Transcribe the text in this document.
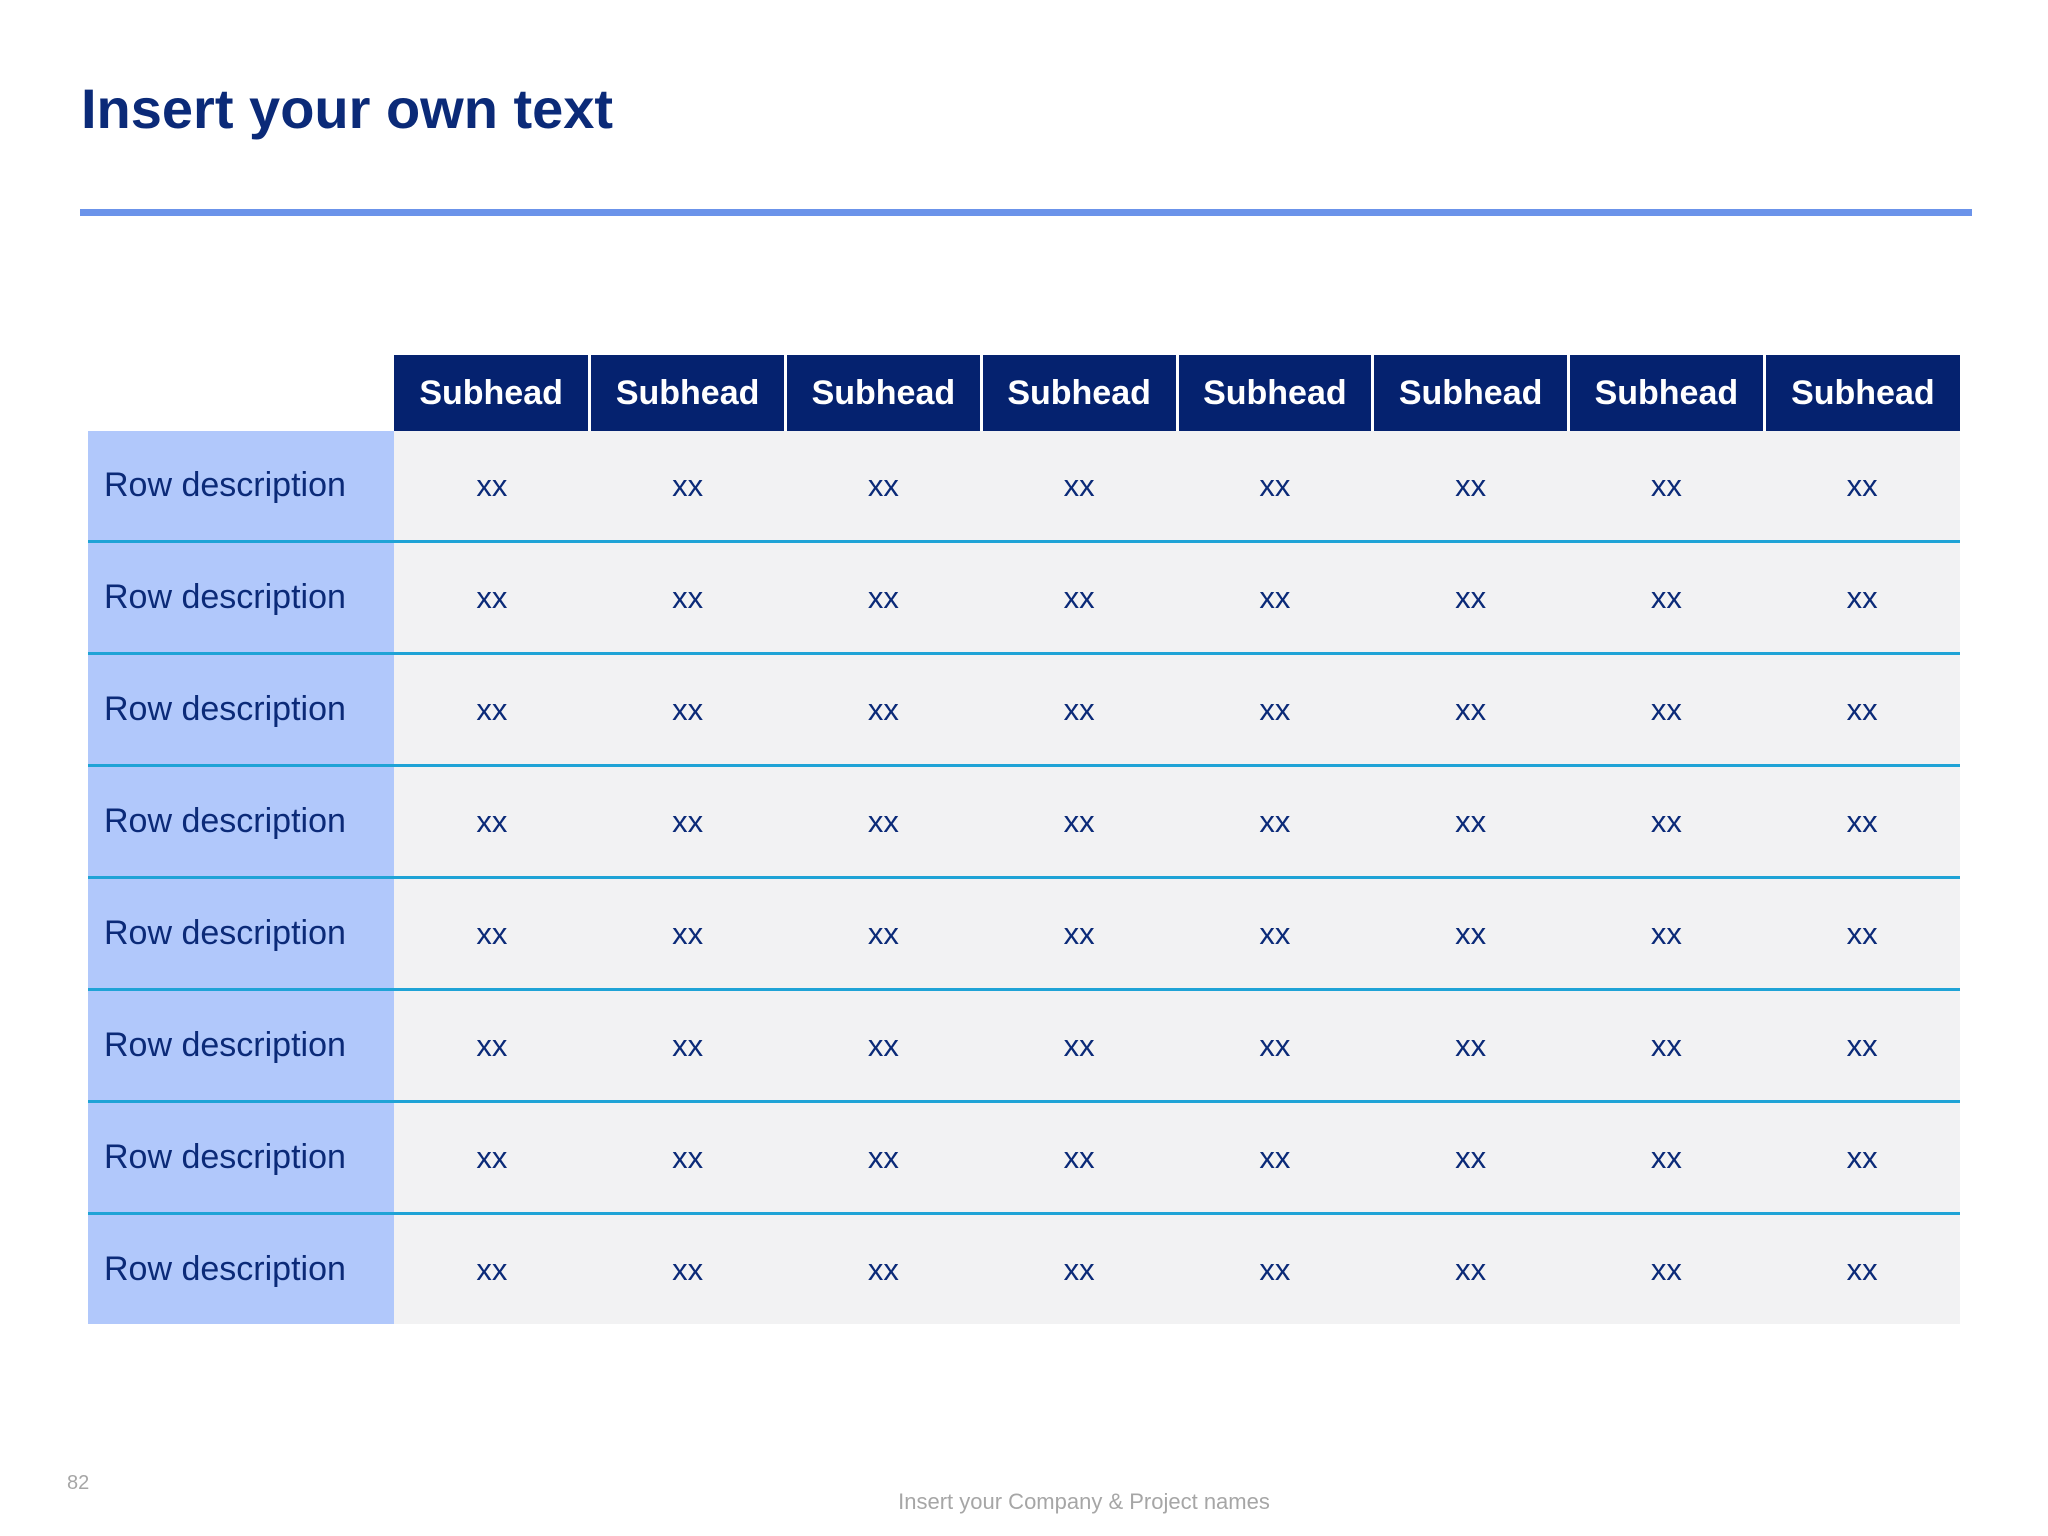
Insert your own text
	Subhead	Subhead	Subhead	Subhead	Subhead	Subhead	Subhead	Subhead
Row description	xx	xx	xx	xx	xx	xx	xx	xx
Row description	xx	xx	xx	xx	xx	xx	xx	xx
Row description	xx	xx	xx	xx	xx	xx	xx	xx
Row description	xx	xx	xx	xx	xx	xx	xx	xx
Row description	xx	xx	xx	xx	xx	xx	xx	xx
Row description	xx	xx	xx	xx	xx	xx	xx	xx
Row description	xx	xx	xx	xx	xx	xx	xx	xx
Row description	xx	xx	xx	xx	xx	xx	xx	xx
82
Insert your Company & Project names
